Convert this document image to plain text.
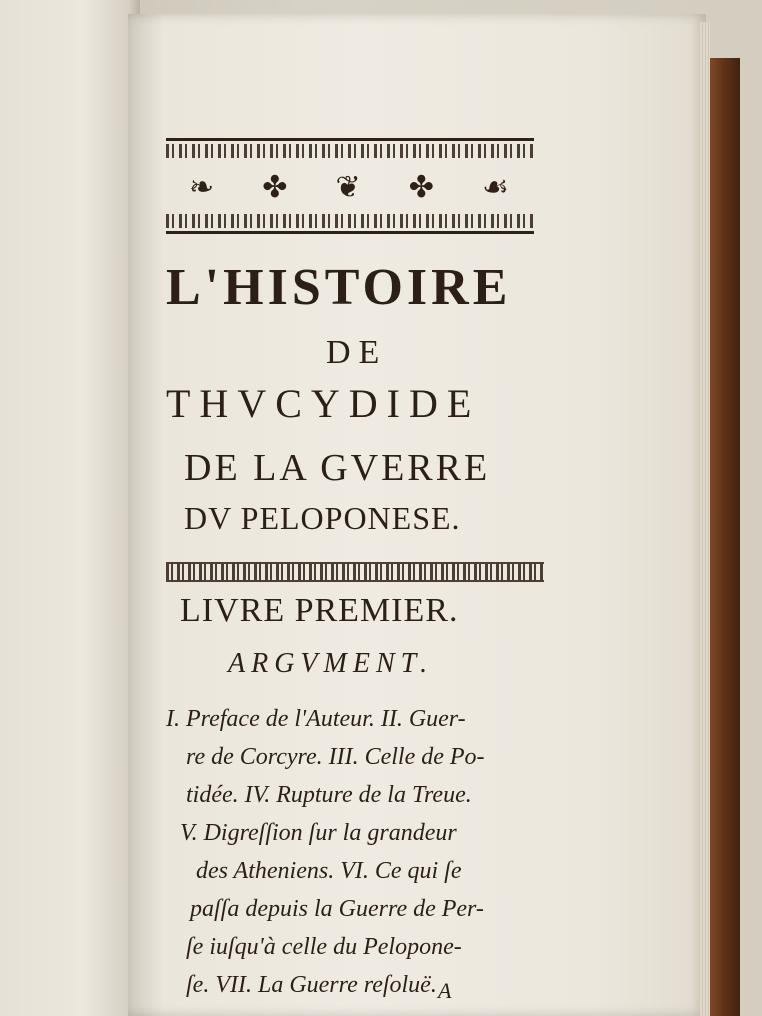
❧ ✤ ❦ ✤ ☙
L'HISTOIRE
DE
THVCYDIDE
DE LA GVERRE
DV PELOPONESE.
LIVRE PREMIER.
ARGVMENT.
I. Preface de l'Auteur. II. Guer-
re de Corcyre. III. Celle de Po-
tidée. IV. Rupture de la Treue.
V. Digreſſion ſur la grandeur
des Atheniens. VI. Ce qui ſe
paſſa depuis la Guerre de Per-
ſe iuſqu'à celle du Pelopone-
ſe. VII. La Guerre reſoluë. A
